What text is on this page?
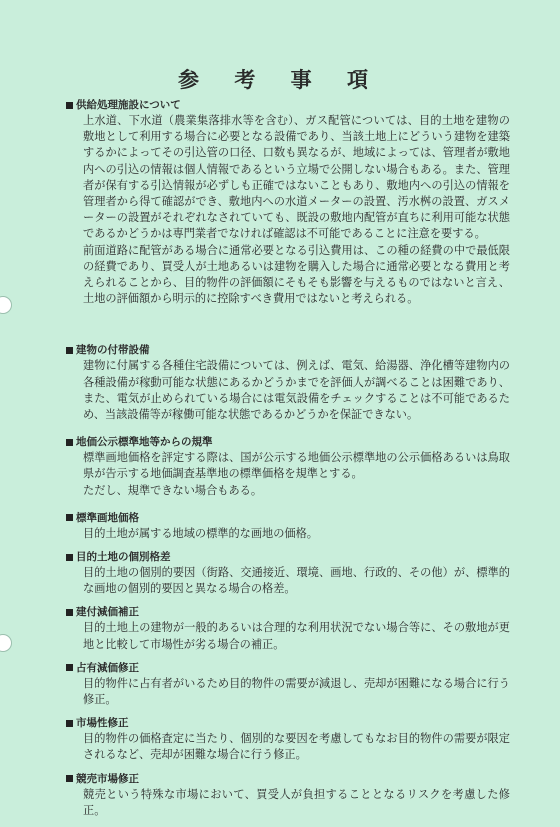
参 考 事 項
供給処理施設について
上水道、下水道（農業集落排水等を含む）、ガス配管については、目的土地を建物の敷地として利用する場合に必要となる設備であり、当該土地上にどういう建物を建築するかによってその引込管の口径、口数も異なるが、地域によっては、管理者が敷地内への引込の情報は個人情報であるという立場で公開しない場合もある。また、管理者が保有する引込情報が必ずしも正確ではないこともあり、敷地内への引込の情報を管理者から得て確認ができ、敷地内への水道メーターの設置、汚水桝の設置、ガスメーターの設置がそれぞれなされていても、既設の敷地内配管が直ちに利用可能な状態であるかどうかは専門業者でなければ確認は不可能であることに注意を要する。
前面道路に配管がある場合に通常必要となる引込費用は、この種の経費の中で最低限の経費であり、買受人が土地あるいは建物を購入した場合に通常必要となる費用と考えられることから、目的物件の評価額にそもそも影響を与えるものではないと言え、土地の評価額から明示的に控除すべき費用ではないと考えられる。
建物の付帯設備
建物に付属する各種住宅設備については、例えば、電気、給湯器、浄化槽等建物内の各種設備が稼動可能な状態にあるかどうかまでを評価人が調べることは困難であり、また、電気が止められている場合には電気設備をチェックすることは不可能であるため、当該設備等が稼働可能な状態であるかどうかを保証できない。
地価公示標準地等からの規準
標準画地価格を評定する際は、国が公示する地価公示標準地の公示価格あるいは鳥取県が告示する地価調査基準地の標準価格を規準とする。
ただし、規準できない場合もある。
標準画地価格
目的土地が属する地域の標準的な画地の価格。
目的土地の個別格差
目的土地の個別的要因（街路、交通接近、環境、画地、行政的、その他）が、標準的な画地の個別的要因と異なる場合の格差。
建付減価補正
目的土地上の建物が一般的あるいは合理的な利用状況でない場合等に、その敷地が更地と比較して市場性が劣る場合の補正。
占有減価修正
目的物件に占有者がいるため目的物件の需要が減退し、売却が困難になる場合に行う修正。
市場性修正
目的物件の価格査定に当たり、個別的な要因を考慮してもなお目的物件の需要が限定されるなど、売却が困難な場合に行う修正。
競売市場修正
競売という特殊な市場において、買受人が負担することとなるリスクを考慮した修正。
